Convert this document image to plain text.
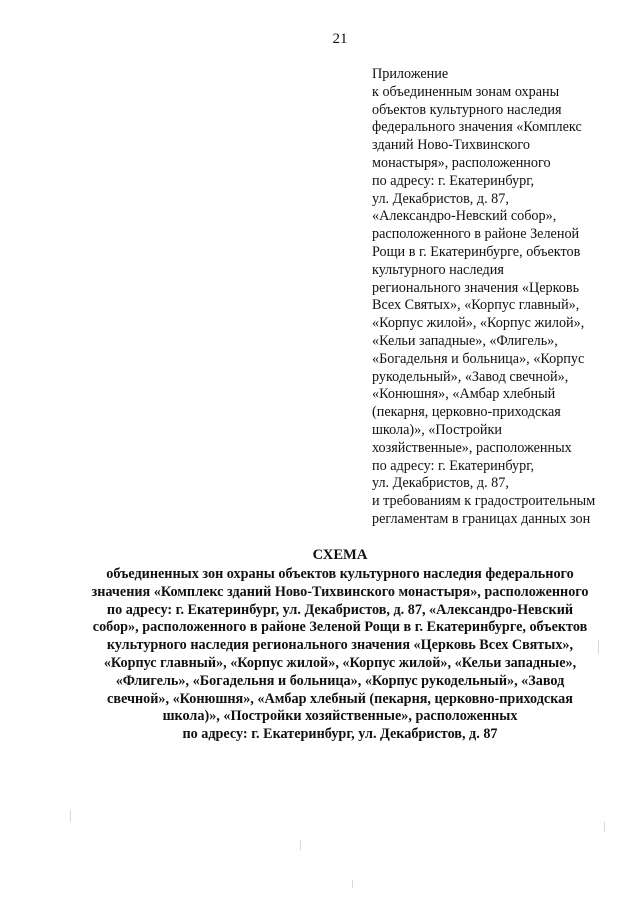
21
Приложение
к объединенным зонам охраны
объектов культурного наследия
федерального значения «Комплекс
зданий Ново-Тихвинского
монастыря», расположенного
по адресу: г. Екатеринбург,
ул. Декабристов, д. 87,
«Александро-Невский собор»,
расположенного в районе Зеленой
Рощи в г. Екатеринбурге, объектов
культурного наследия
регионального значения «Церковь
Всех Святых», «Корпус главный»,
«Корпус жилой», «Корпус жилой»,
«Кельи западные», «Флигель»,
«Богадельня и больница», «Корпус
рукодельный», «Завод свечной»,
«Конюшня», «Амбар хлебный
(пекарня, церковно-приходская
школа)», «Постройки
хозяйственные», расположенных
по адресу: г. Екатеринбург,
ул. Декабристов, д. 87,
и требованиям к градостроительным
регламентам в границах данных зон
СХЕМА
объединенных зон охраны объектов культурного наследия федерального
значения «Комплекс зданий Ново-Тихвинского монастыря», расположенного
по адресу: г. Екатеринбург, ул. Декабристов, д. 87, «Александро-Невский
собор», расположенного в районе Зеленой Рощи в г. Екатеринбурге, объектов
культурного наследия регионального значения «Церковь Всех Святых»,
«Корпус главный», «Корпус жилой», «Корпус жилой», «Кельи западные»,
«Флигель», «Богадельня и больница», «Корпус рукодельный», «Завод
свечной», «Конюшня», «Амбар хлебный (пекарня, церковно-приходская
школа)», «Постройки хозяйственные», расположенных
по адресу: г. Екатеринбург, ул. Декабристов, д. 87
